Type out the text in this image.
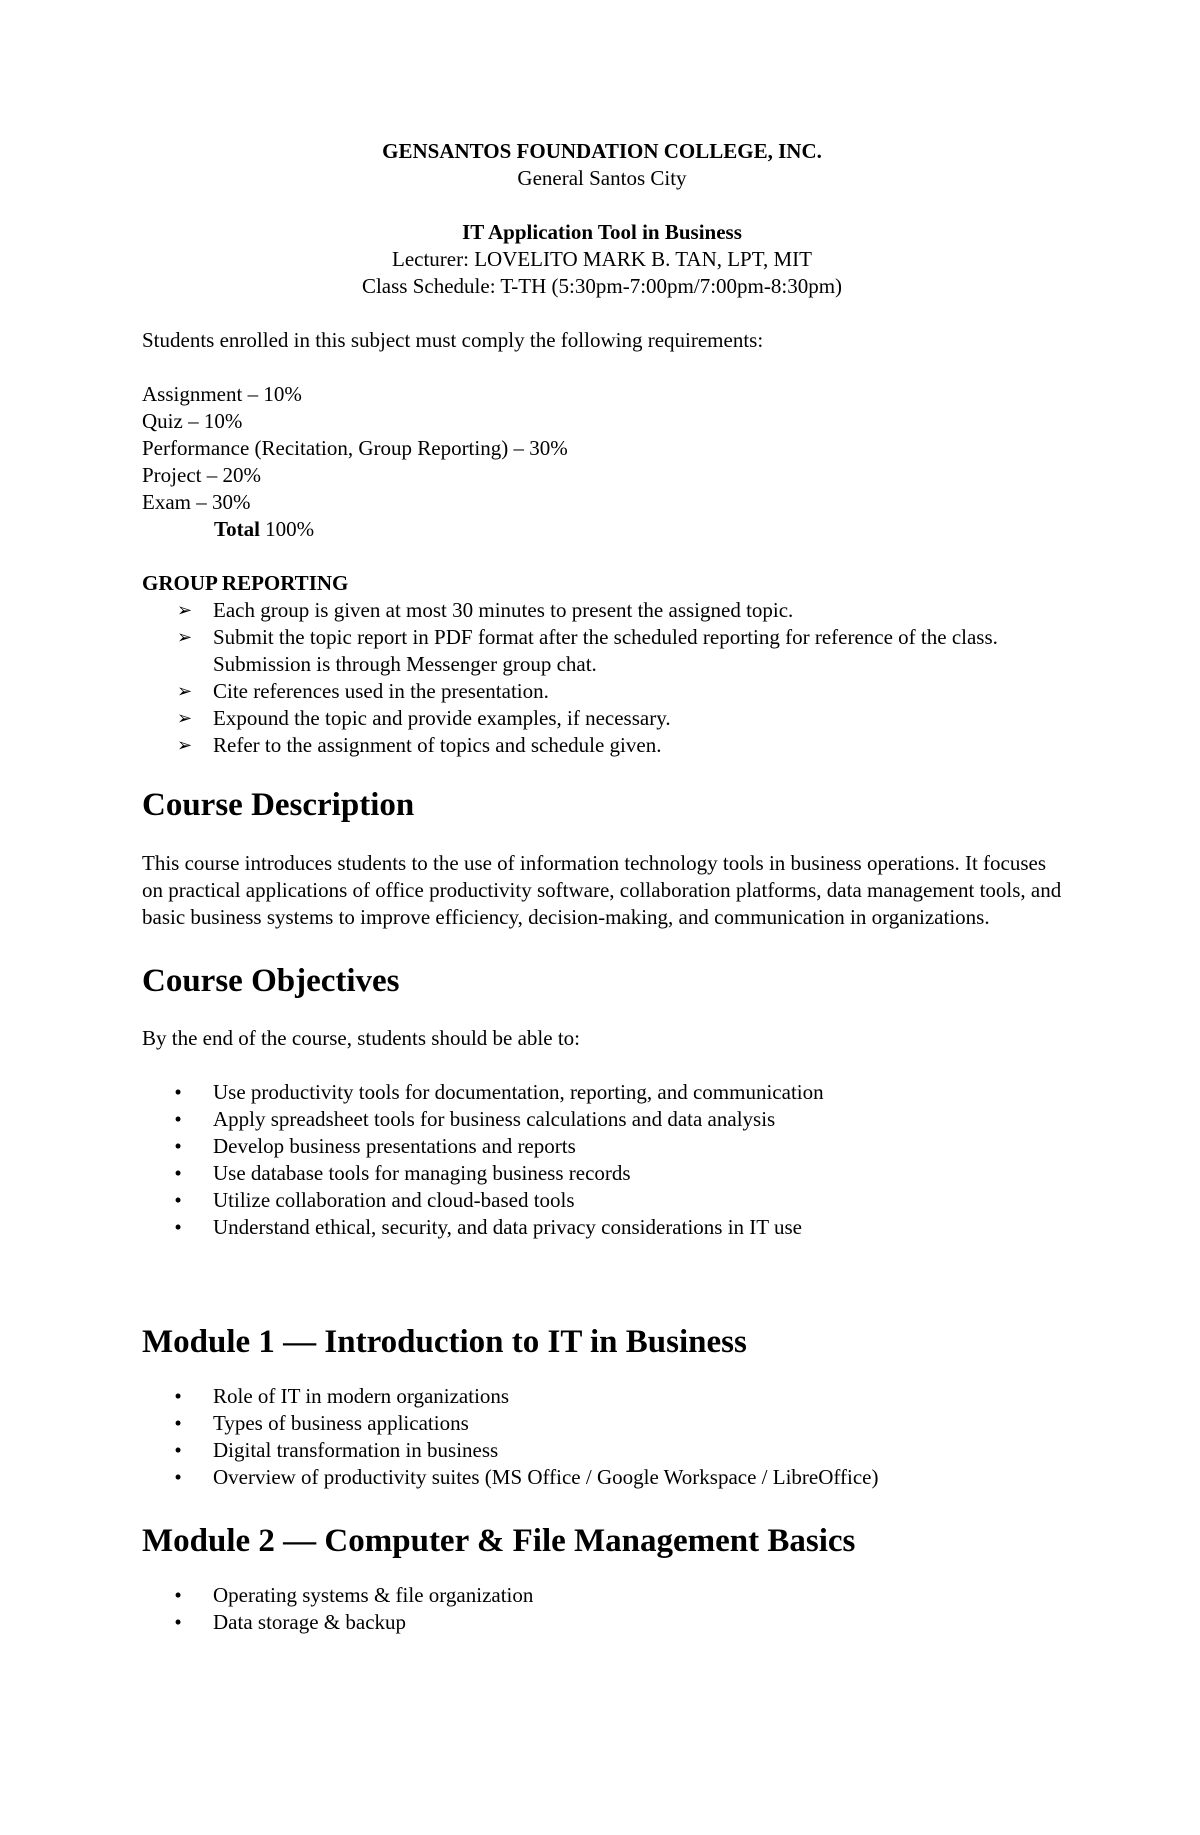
GENSANTOS FOUNDATION COLLEGE, INC.
General Santos City
IT Application Tool in Business
Lecturer: LOVELITO MARK B. TAN, LPT, MIT
Class Schedule: T-TH (5:30pm-7:00pm/7:00pm-8:30pm)
Students enrolled in this subject must comply the following requirements:
Assignment – 10%
Quiz – 10%
Performance (Recitation, Group Reporting) – 30%
Project – 20%
Exam – 30%
Total 100%
GROUP REPORTING
➢ Each group is given at most 30 minutes to present the assigned topic.
➢ Submit the topic report in PDF format after the scheduled reporting for reference of the class. Submission is through Messenger group chat.
➢ Cite references used in the presentation.
➢ Expound the topic and provide examples, if necessary.
➢ Refer to the assignment of topics and schedule given.
Course Description
This course introduces students to the use of information technology tools in business operations. It focuses on practical applications of office productivity software, collaboration platforms, data management tools, and basic business systems to improve efficiency, decision-making, and communication in organizations.
Course Objectives
By the end of the course, students should be able to:
• Use productivity tools for documentation, reporting, and communication
• Apply spreadsheet tools for business calculations and data analysis
• Develop business presentations and reports
• Use database tools for managing business records
• Utilize collaboration and cloud-based tools
• Understand ethical, security, and data privacy considerations in IT use
Module 1 — Introduction to IT in Business
• Role of IT in modern organizations
• Types of business applications
• Digital transformation in business
• Overview of productivity suites (MS Office / Google Workspace / LibreOffice)
Module 2 — Computer & File Management Basics
• Operating systems & file organization
• Data storage & backup
